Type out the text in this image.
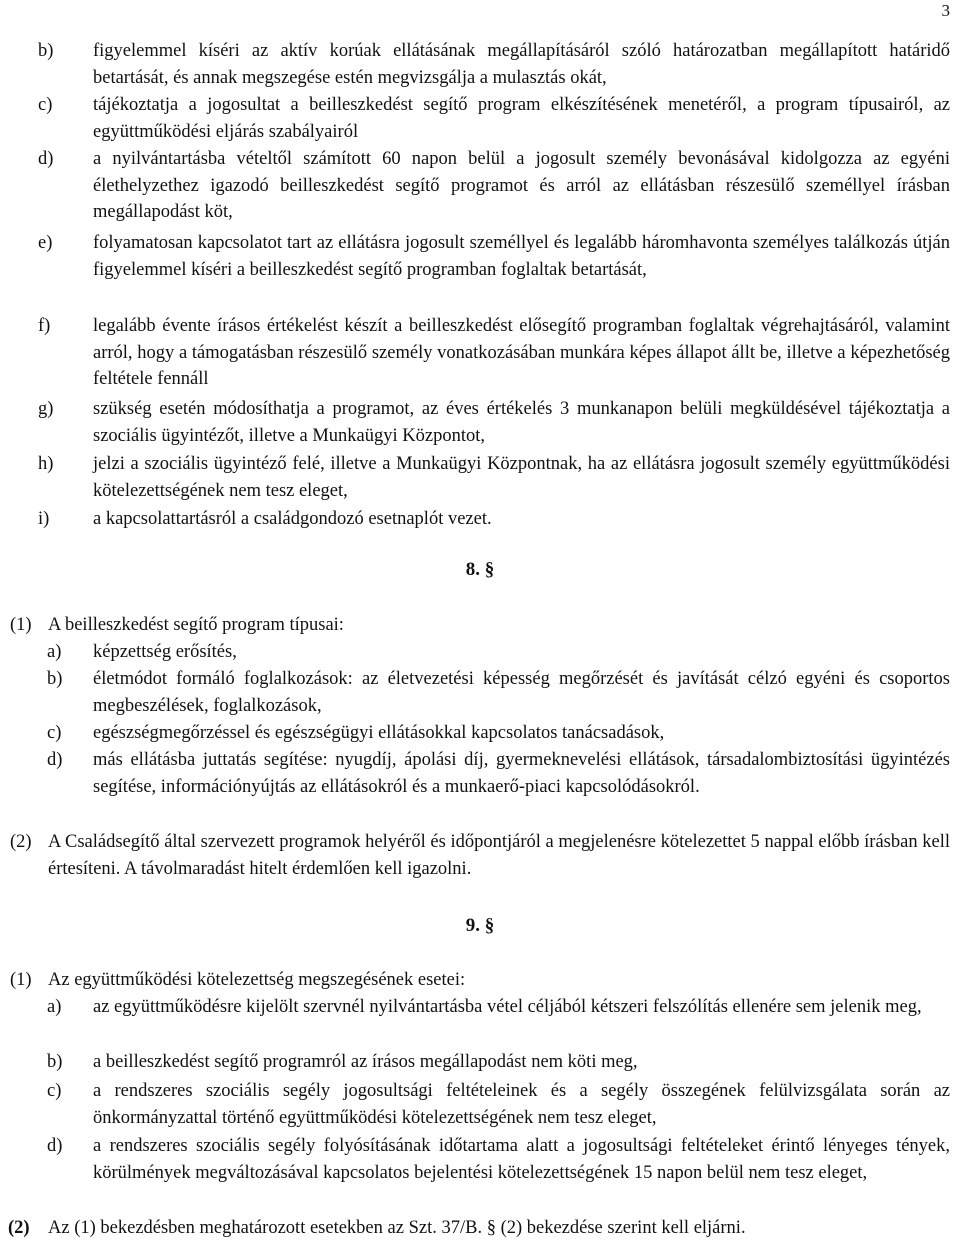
3
b) figyelemmel kíséri az aktív korúak ellátásának megállapításáról szóló határozatban megállapított határidő betartását, és annak megszegése estén megvizsgálja a mulasztás okát,
c) tájékoztatja a jogosultat a beilleszkedést segítő program elkészítésének menetéről, a program típusairól, az együttműködési eljárás szabályairól
d) a nyilvántartásba vételtől számított 60 napon belül a jogosult személy bevonásával kidolgozza az egyéni élethelyzethez igazodó beilleszkedést segítő programot és arról az ellátásban részesülő személlyel írásban megállapodást köt,
e) folyamatosan kapcsolatot tart az ellátásra jogosult személlyel és legalább háromhavonta személyes találkozás útján figyelemmel kíséri a beilleszkedést segítő programban foglaltak betartását,
f) legalább évente írásos értékelést készít a beilleszkedést elősegítő programban foglaltak végrehajtásáról, valamint arról, hogy a támogatásban részesülő személy vonatkozásában munkára képes állapot állt be, illetve a képezhetőség feltétele fennáll
g) szükség esetén módosíthatja a programot, az éves értékelés 3 munkanapon belüli megküldésével tájékoztatja a szociális ügyintézőt, illetve a Munkaügyi Központot,
h) jelzi a szociális ügyintéző felé, illetve a Munkaügyi Központnak, ha az ellátásra jogosult személy együttműködési kötelezettségének nem tesz eleget,
i) a kapcsolattartásról a családgondozó esetnaplót vezet.
8. §
(1) A beilleszkedést segítő program típusai:
a) képzettség erősítés,
b) életmódot formáló foglalkozások: az életvezetési képesség megőrzését és javítását célzó egyéni és csoportos megbeszélések, foglalkozások,
c) egészségmegőrzéssel és egészségügyi ellátásokkal kapcsolatos tanácsadások,
d) más ellátásba juttatás segítése: nyugdíj, ápolási díj, gyermeknevelési ellátások, társadalombiztosítási ügyintézés segítése, információnyújtás az ellátásokról és a munkaerő-piaci kapcsolódásokról.
(2) A Családsegítő által szervezett programok helyéről és időpontjáról a megjelenésre kötelezettet 5 nappal előbb írásban kell értesíteni. A távolmaradást hitelt érdemlően kell igazolni.
9. §
(1) Az együttműködési kötelezettség megszegésének esetei:
a) az együttműködésre kijelölt szervnél nyilvántartásba vétel céljából kétszeri felszólítás ellenére sem jelenik meg,
b) a beilleszkedést segítő programról az írásos megállapodást nem köti meg,
c) a rendszeres szociális segély jogosultsági feltételeinek és a segély összegének felülvizsgálata során az önkormányzattal történő együttműködési kötelezettségének nem tesz eleget,
d) a rendszeres szociális segély folyósításának időtartama alatt a jogosultsági feltételeket érintő lényeges tények, körülmények megváltozásával kapcsolatos bejelentési kötelezettségének 15 napon belül nem tesz eleget,
(2) Az (1) bekezdésben meghatározott esetekben az Szt. 37/B. § (2) bekezdése szerint kell eljárni.
